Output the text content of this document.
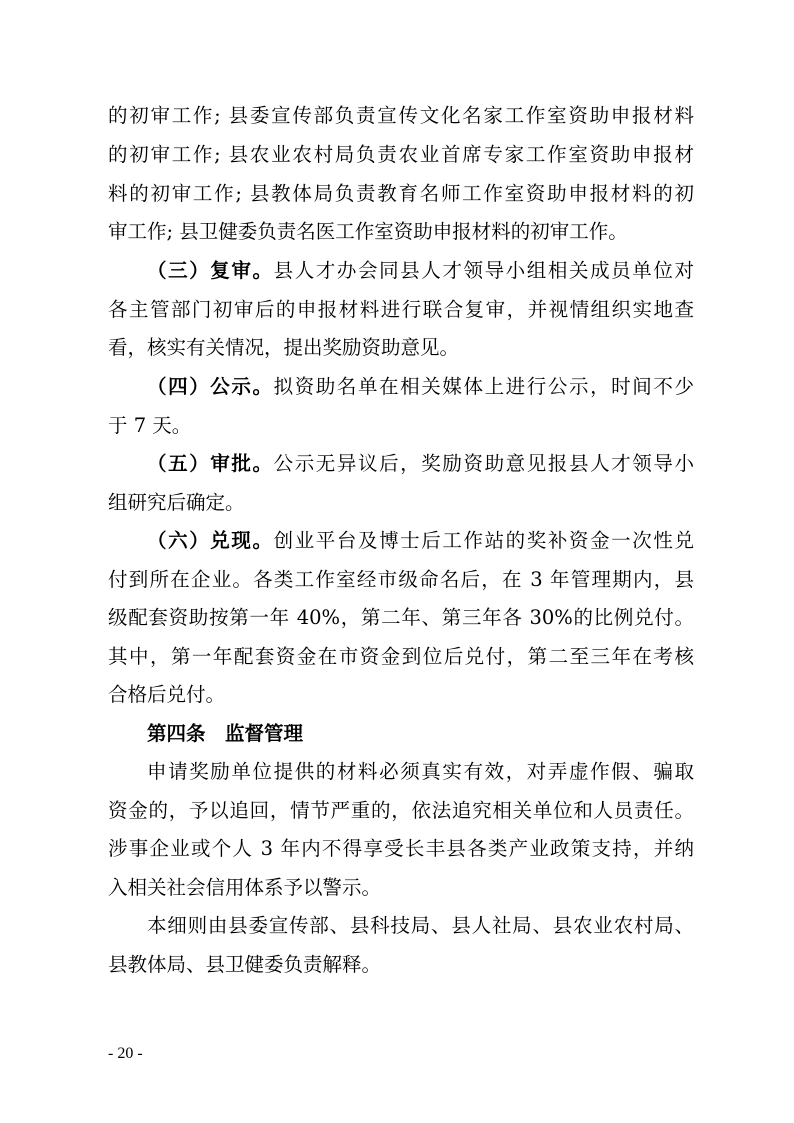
的初审工作; 县委宣传部负责宣传文化名家工作室资助申报材料
的初审工作; 县农业农村局负责农业首席专家工作室资助申报材
料的初审工作; 县教体局负责教育名师工作室资助申报材料的初
审工作; 县卫健委负责名医工作室资助申报材料的初审工作。
（三）复审。县人才办会同县人才领导小组相关成员单位对
各主管部门初审后的申报材料进行联合复审，并视情组织实地查
看，核实有关情况，提出奖励资助意见。
（四）公示。拟资助名单在相关媒体上进行公示，时间不少
于 7 天。
（五）审批。公示无异议后，奖励资助意见报县人才领导小
组研究后确定。
（六）兑现。创业平台及博士后工作站的奖补资金一次性兑
付到所在企业。各类工作室经市级命名后，在 3 年管理期内，县
级配套资助按第一年 40%，第二年、第三年各 30%的比例兑付。
其中，第一年配套资金在市资金到位后兑付，第二至三年在考核
合格后兑付。
第四条　监督管理
申请奖励单位提供的材料必须真实有效，对弄虚作假、骗取
资金的，予以追回，情节严重的，依法追究相关单位和人员责任。
涉事企业或个人 3 年内不得享受长丰县各类产业政策支持，并纳
入相关社会信用体系予以警示。
本细则由县委宣传部、县科技局、县人社局、县农业农村局、
县教体局、县卫健委负责解释。
- 20 -
